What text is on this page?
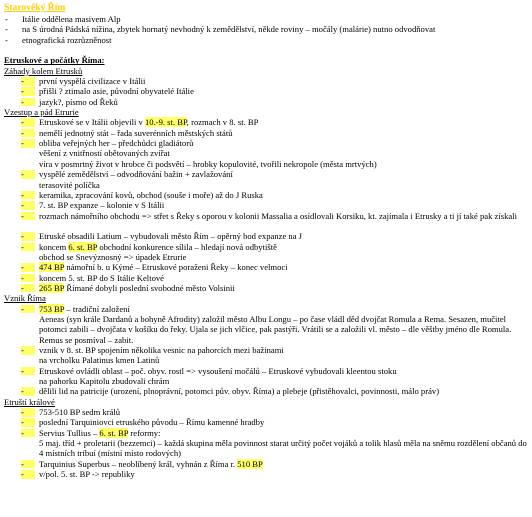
Starověký Řím
- Itálie oddělena masivem Alp
- na S úrodná Pádská nížina, zbytek hornatý nevhodný k zemědělství, někde roviny – močály (malárie) nutno odvodňovat
- etnografická rozrůzněnost
Etruskové a počátky Říma:
Záhady kolem Etrusků
- první vyspělá civilizace v Itálii
- přišli ? ztimalo asie, původní obyvatelé Itálie
- jazyk?, písmo od Řeků
Vzestup a pád Etrurie
- Etruskové se v Itálii objevili v 10.-9. st. BP, rozmach v 8. st. BP
- nemělí jednotný stát – řada suverénních městských států
- obliba veřejných her – předchůdci gladiátorů
věšení z vnitřností obětovaných zvířat
víra v posmrtný život v hrobce či podsvětí – hrobky kopulovité, tvořili nekropole (města mrtvých)
- vyspělé zemědělství – odvodňování bažin + zavlažování
terasovité políčka
- keramika, zpracování kovů, obchod (souše i moře) až do J Ruska
- 7. st. BP expanze – kolonie v S Itálii
- rozmach námořního obchodu => střet s Řeky s oporou v kolonii Massalia a osídlovali Korsiku, kt. zajímala i Etrusky a ti jí také pak získali
- Etruské obsadili Latium – vybudovali město Řím – opěrný bod expanze na J
- koncem 6. st. BP obchodní konkurence sílila – hledají nová odbytiště
obchod se Snevýznosný => úpadek Etrurie
- 474 BP námořní b. u Kýmé – Etruskové poraženi Řeky – konec velmoci
- koncem 5. st. BP do S Itálie Keltové
- 265 BP Římané dobyli poslední svobodné město Volsinii
Vznik Říma
- 753 BP – tradiční založení
Aeneas (syn krále Dardanů a bohyně Afrodity) založil město Albu Longu – po čase vládl děd dvojčat Romula a Rema. Sesazen, mučitel potomci zabili – dvojčata v košíku do řeky. Ujala se jich vlčice, pak pastýři. Vrátili se a založili vl. město – dle věštby jméno dle Romula. Remus se posmíval – zabit.
- vznik v 8. st. BP spojením několika vesnic na pahorcích mezi bažinami
na vrcholku Palatinus kmen Latinů
- Etruskové ovládli oblast – poč. obyv. rostl => vysoušení močálů – Etruskové vybudovali kleentou stoku
na pahorku Kapitolu zbudovali chrám
- dělili lid na patricije (urození, plnoprávní, potomci pův. obyv. Říma) a plebeje (přistěhovalci, povinnosti, málo práv)
Etruští králové
- 753-510 BP sedm králů
- poslední Tarquiniovci etruského původu – Římu kamenné hradby
- Servius Tullius – 6. st. BP reformy:
5 maj. tříd + proletarii (bezzemci) – každá skupina měla povinnost starat určitý počet vojáků a tolik hlasů měla na sněmu rozdělení občanů do 4 místních tribuí (místní místo rodových)
- Tarquinius Superbus – neoblíbený král, vyhnán z Říma r. 510 BP
- v/pol. 5. st. BP -> republiky
